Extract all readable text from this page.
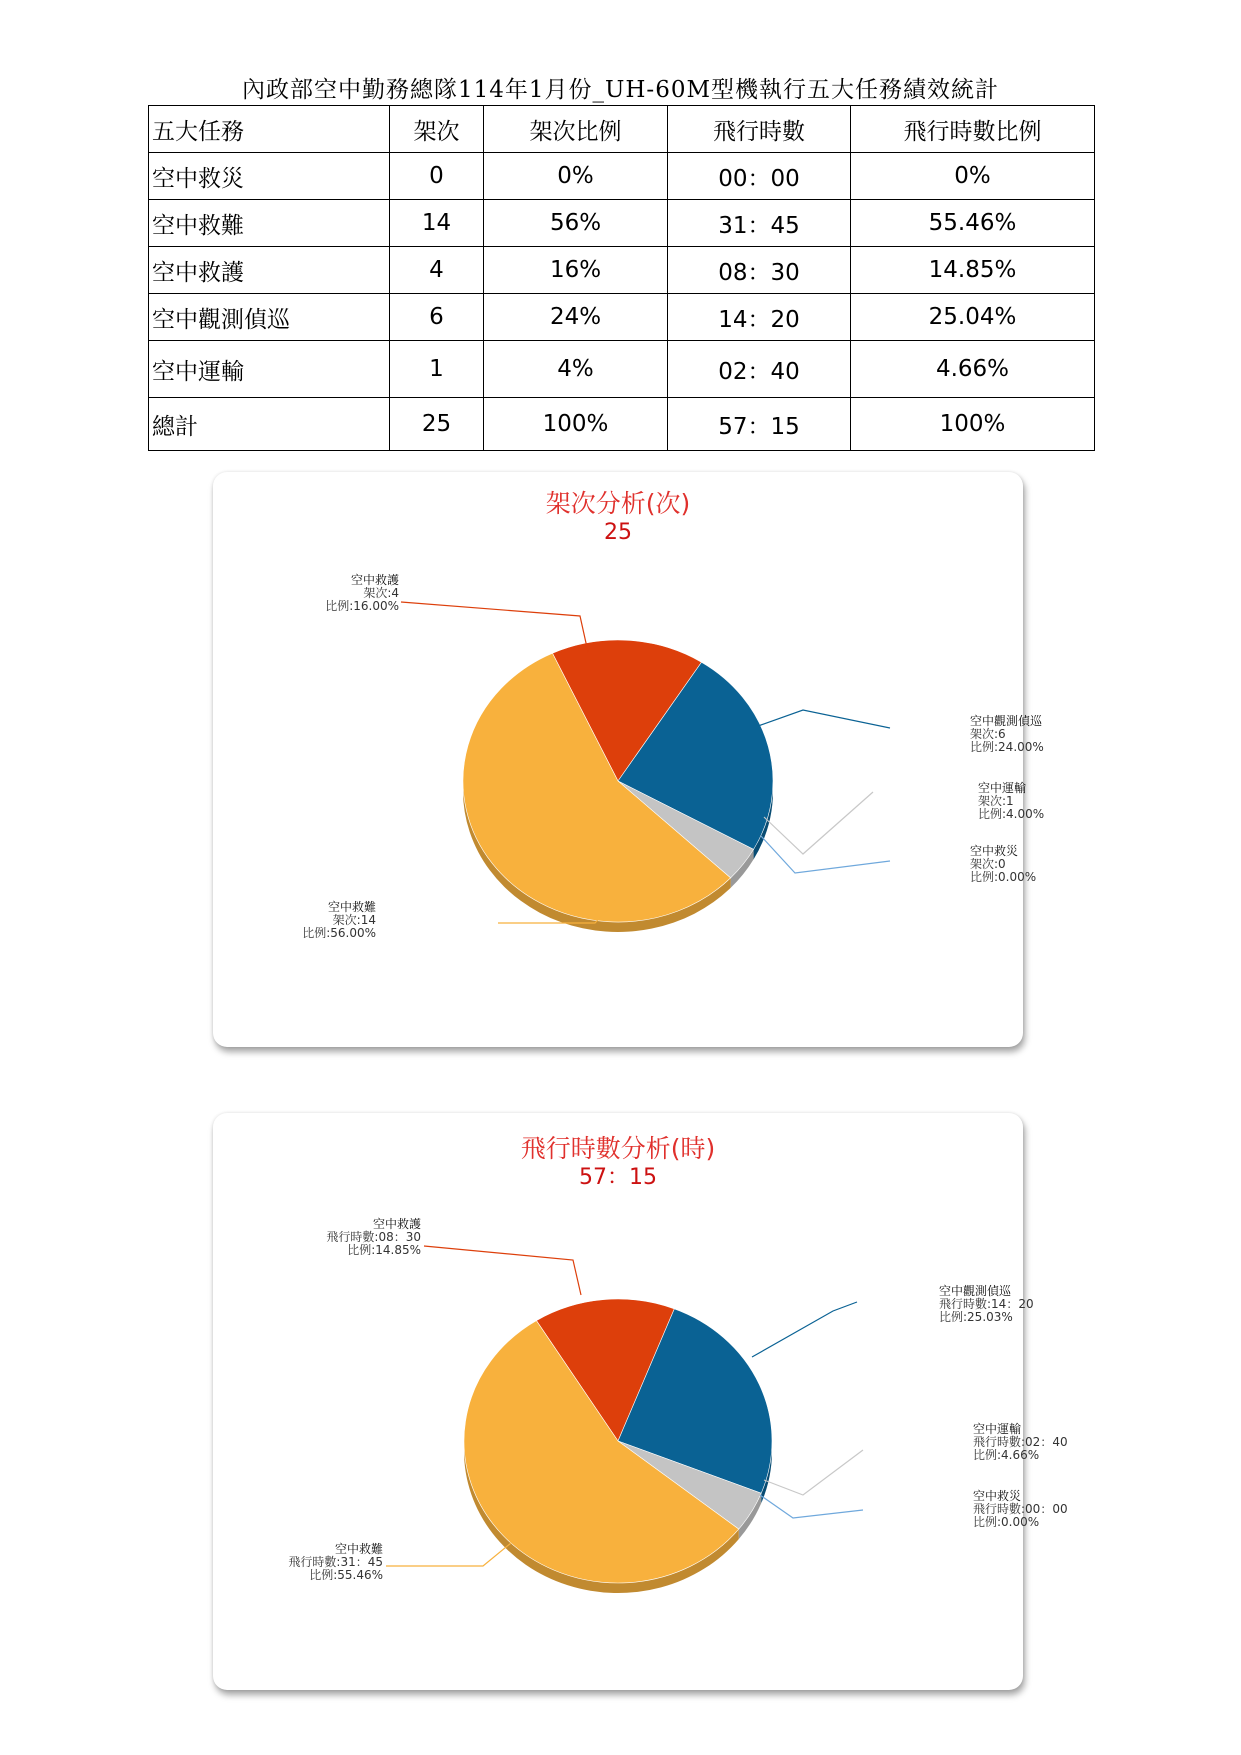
內政部空中勤務總隊114年1月份_UH-60M型機執行五大任務績效統計
五大任務	架次	架次比例	飛行時數	飛行時數比例
空中救災	0	0%	00：00	0%
空中救難	14	56%	31：45	55.46%
空中救護	4	16%	08：30	14.85%
空中觀測偵巡	6	24%	14：20	25.04%
空中運輸	1	4%	02：40	4.66%
總計	25	100%	57：15	100%
架次分析(次)
25
空中救護
架次:4
比例:16.00%
空中觀測偵巡
架次:6
比例:24.00%
空中運輸
架次:1
比例:4.00%
空中救災
架次:0
比例:0.00%
空中救難
架次:14
比例:56.00%
飛行時數分析(時)
57：15
空中救護
飛行時數:08：30
比例:14.85%
空中觀測偵巡
飛行時數:14：20
比例:25.03%
空中運輸
飛行時數:02：40
比例:4.66%
空中救災
飛行時數:00：00
比例:0.00%
空中救難
飛行時數:31：45
比例:55.46%
